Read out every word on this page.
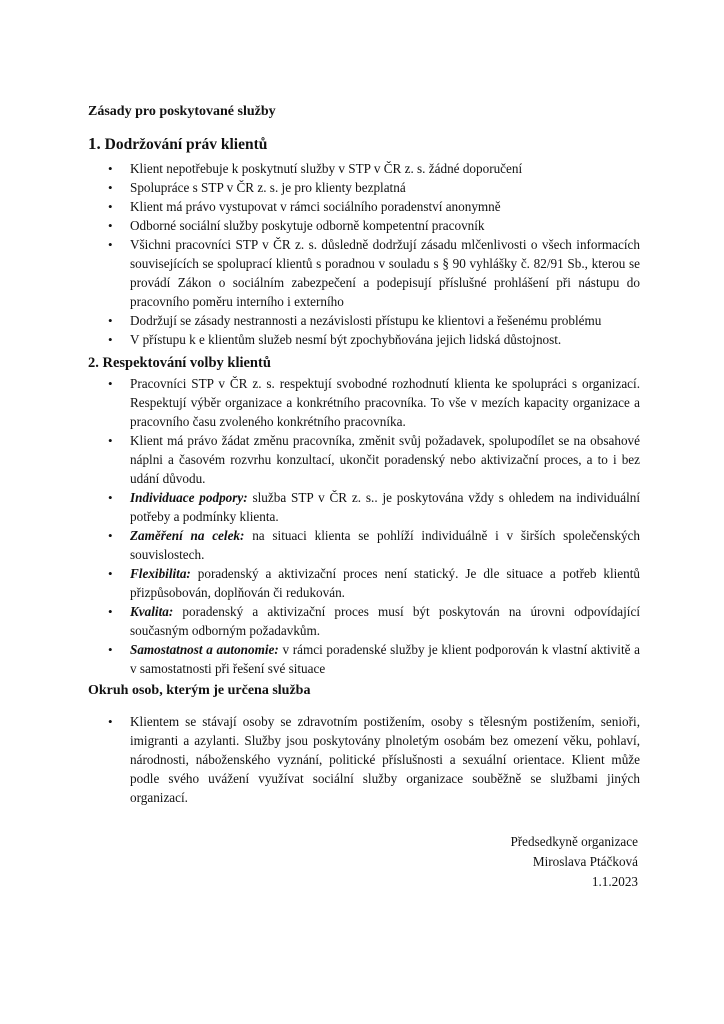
Zásady pro poskytované služby

1. Dodržování práv klientů

• Klient nepotřebuje k poskytnutí služby v STP v ČR z. s. žádné doporučení
• Spolupráce s STP v ČR z. s. je pro klienty bezplatná
• Klient má právo vystupovat v rámci sociálního poradenství anonymně
• Odborné sociální služby poskytuje odborně kompetentní pracovník
• Všichni pracovníci STP v ČR z. s. důsledně dodržují zásadu mlčenlivosti o všech informacích souvisejících se spoluprací klientů s poradnou v souladu s § 90 vyhlášky č. 82/91 Sb., kterou se provádí Zákon o sociálním zabezpečení a podepisují příslušné prohlášení při nástupu do pracovního poměru interního i externího
• Dodržují se zásady nestrannosti a nezávislosti přístupu ke klientovi a řešenému problému
• V přístupu k e klientům služeb nesmí být zpochybňována jejich lidská důstojnost.

2. Respektování volby klientů

• Pracovníci STP v ČR z. s. respektují svobodné rozhodnutí klienta ke spolupráci s organizací. Respektují výběr organizace a konkrétního pracovníka. To vše v mezích kapacity organizace a pracovního času zvoleného konkrétního pracovníka.
• Klient má právo žádat změnu pracovníka, změnit svůj požadavek, spolupodílet se na obsahové náplni a časovém rozvrhu konzultací, ukončit poradenský nebo aktivizační proces, a to i bez udání důvodu.
• Individuace podpory: služba STP v ČR z. s.. je poskytována vždy s ohledem na individuální potřeby a podmínky klienta.
• Zaměření na celek: na situaci klienta se pohlíží individuálně i v širších společenských souvislostech.
• Flexibilita: poradenský a aktivizační proces není statický. Je dle situace a potřeb klientů přizpůsobován, doplňován či redukován.
• Kvalita: poradenský a aktivizační proces musí být poskytován na úrovni odpovídající současným odborným požadavkům.
• Samostatnost a autonomie: v rámci poradenské služby je klient podporován k vlastní aktivitě a v samostatnosti při řešení své situace

Okruh osob, kterým je určena služba

• Klientem se stávají osoby se zdravotním postižením, osoby s tělesným postižením, senioři, imigranti a azylanti. Služby jsou poskytovány plnoletým osobám bez omezení věku, pohlaví, národnosti, náboženského vyznání, politické příslušnosti a sexuální orientace. Klient může podle svého uvážení využívat sociální služby organizace souběžně se službami jiných organizací.
Předsedkyně organizace
Miroslava Ptáčková
1.1.2023
